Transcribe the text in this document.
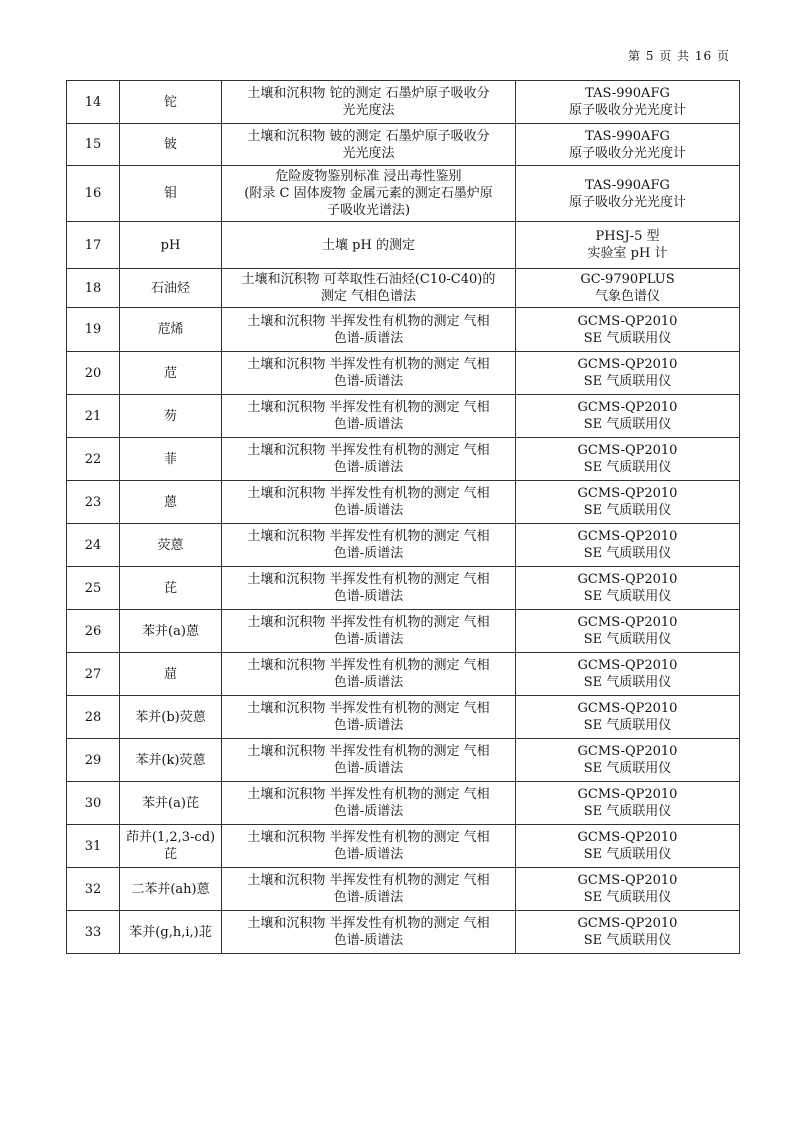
第 5 页 共 16 页
14	铊	土壤和沉积物 铊的测定 石墨炉原子吸收分
光光度法	TAS-990AFG
原子吸收分光光度计

15	铍	土壤和沉积物 铍的测定 石墨炉原子吸收分
光光度法	TAS-990AFG
原子吸收分光光度计

16	钼	危险废物鉴别标准 浸出毒性鉴别
(附录 C 固体废物 金属元素的测定石墨炉原
子吸收光谱法)	TAS-990AFG
原子吸收分光光度计

17	pH	土壤 pH 的测定	PHSJ-5 型
实验室 pH 计

18	石油烃	土壤和沉积物 可萃取性石油烃(C10-C40)的
测定 气相色谱法	GC-9790PLUS
气象色谱仪

19	苊烯	土壤和沉积物 半挥发性有机物的测定 气相
色谱-质谱法	GCMS-QP2010
SE 气质联用仪

20	苊	土壤和沉积物 半挥发性有机物的测定 气相
色谱-质谱法	GCMS-QP2010
SE 气质联用仪

21	芴	土壤和沉积物 半挥发性有机物的测定 气相
色谱-质谱法	GCMS-QP2010
SE 气质联用仪

22	菲	土壤和沉积物 半挥发性有机物的测定 气相
色谱-质谱法	GCMS-QP2010
SE 气质联用仪

23	蒽	土壤和沉积物 半挥发性有机物的测定 气相
色谱-质谱法	GCMS-QP2010
SE 气质联用仪

24	荧蒽	土壤和沉积物 半挥发性有机物的测定 气相
色谱-质谱法	GCMS-QP2010
SE 气质联用仪

25	芘	土壤和沉积物 半挥发性有机物的测定 气相
色谱-质谱法	GCMS-QP2010
SE 气质联用仪

26	苯并(a)蒽	土壤和沉积物 半挥发性有机物的测定 气相
色谱-质谱法	GCMS-QP2010
SE 气质联用仪

27	䓛	土壤和沉积物 半挥发性有机物的测定 气相
色谱-质谱法	GCMS-QP2010
SE 气质联用仪

28	苯并(b)荧蒽	土壤和沉积物 半挥发性有机物的测定 气相
色谱-质谱法	GCMS-QP2010
SE 气质联用仪

29	苯并(k)荧蒽	土壤和沉积物 半挥发性有机物的测定 气相
色谱-质谱法	GCMS-QP2010
SE 气质联用仪

30	苯并(a)芘	土壤和沉积物 半挥发性有机物的测定 气相
色谱-质谱法	GCMS-QP2010
SE 气质联用仪

31	茚并(1,2,3-cd)
芘	土壤和沉积物 半挥发性有机物的测定 气相
色谱-质谱法	GCMS-QP2010
SE 气质联用仪

32	二苯并(ah)蒽	土壤和沉积物 半挥发性有机物的测定 气相
色谱-质谱法	GCMS-QP2010
SE 气质联用仪

33	苯并(g,h,i,)苝	土壤和沉积物 半挥发性有机物的测定 气相
色谱-质谱法	GCMS-QP2010
SE 气质联用仪
